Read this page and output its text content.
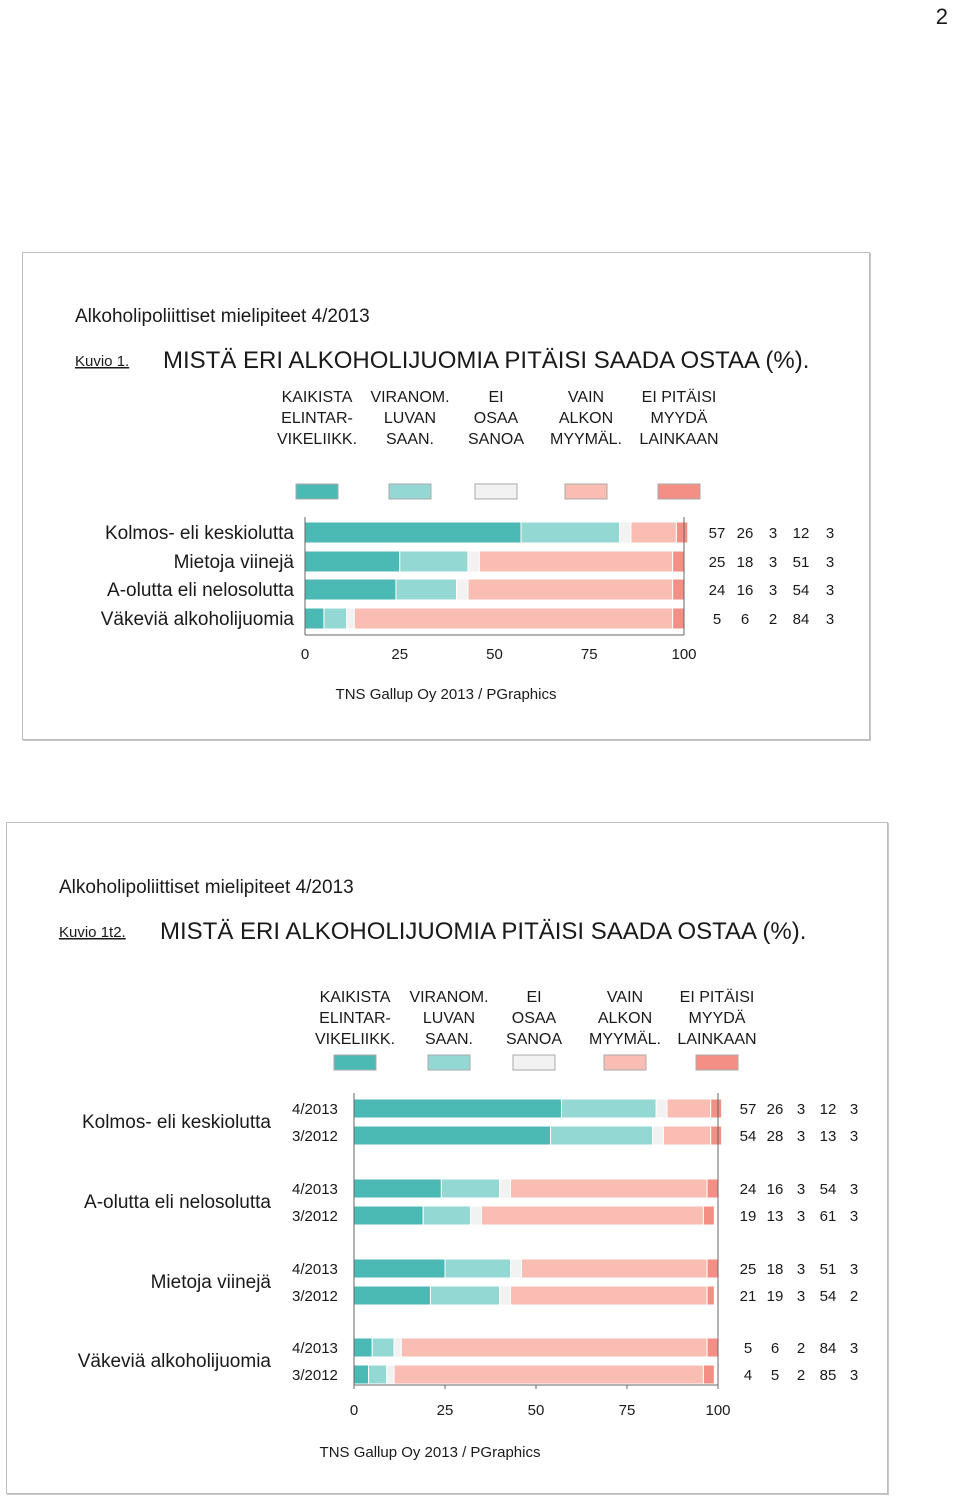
2
Alkoholipoliittiset mielipiteet 4/2013
Kuvio 1. MISTÄ ERI ALKOHOLIJUOMIA PITÄISI SAADA OSTAA (%).
KAIKISTA
ELINTAR-
VIKELIIKK.
VIRANOM.
LUVAN
SAAN.
EI
OSAA
SANOA
VAIN
ALKON
MYYMÄL.
EI PITÄISI
MYYDÄ
LAINKAAN
Kolmos- eli keskiolutta	57 26 3 12 3
Mietoja viinejä	25 18 3 51 3
A-olutta eli nelosolutta	24 16 3 54 3
Väkeviä alkoholijuomia	5 6 2 84 3
0	25	50	75	100
TNS Gallup Oy 2013 / PGraphics
Alkoholipoliittiset mielipiteet 4/2013
Kuvio 1t2. MISTÄ ERI ALKOHOLIJUOMIA PITÄISI SAADA OSTAA (%).
KAIKISTA
ELINTAR-
VIKELIIKK.
VIRANOM.
LUVAN
SAAN.
EI
OSAA
SANOA
VAIN
ALKON
MYYMÄL.
EI PITÄISI
MYYDÄ
LAINKAAN
Kolmos- eli keskiolutta
4/2013	57 26 3 12 3
3/2012	54 28 3 13 3
A-olutta eli nelosolutta
4/2013	24 16 3 54 3
3/2012	19 13 3 61 3
Mietoja viinejä
4/2013	25 18 3 51 3
3/2012	21 19 3 54 2
Väkeviä alkoholijuomia
4/2013	5 6 2 84 3
3/2012	4 5 2 85 3
0	25	50	75	100
TNS Gallup Oy 2013 / PGraphics
